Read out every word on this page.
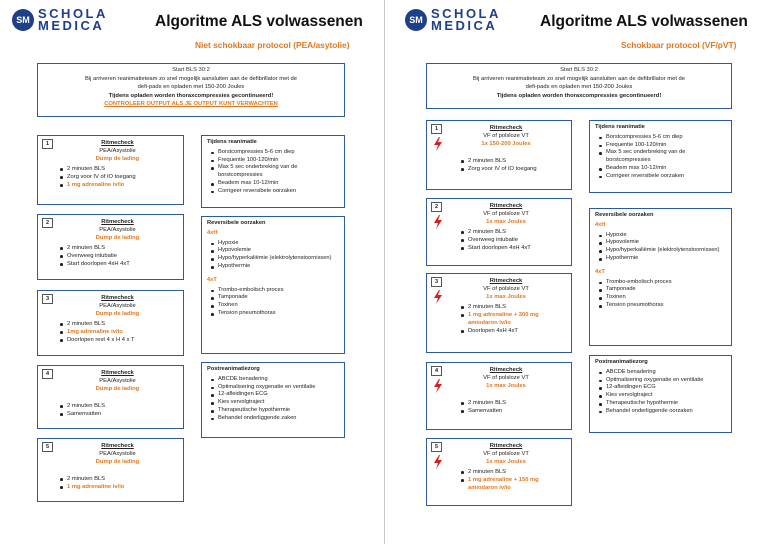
SM SCHOLA
MEDICA	Algoritme ALS volwassenen
Niet schokbaar protocol (PEA/asytolie)
Start BLS 30:2
Bij arriveren reanimatieteam zo snel mogelijk aansluiten aan de defibrillator met de
defi-pads en opladen met 150-200 Joules
Tijdens opladen worden thoraxcompressies gecontinueerd!
CONTROLEER OUTPUT ALS JE OUTPUT KUNT VERWACHTEN
1	Ritmecheck
PEA/Asystolie
Dump de lading
2 minuten BLS
Zorg voor IV of IO toegang
1 mg adrenaline iv/io
2	Ritmecheck
PEA/Asystolie
Dump de lading
2 minuten BLS
Overweeg intubatie
Start doorlopen 4xH 4xT
3	Ritmecheck
PEA/Asystolie
Dump de lading
2 minuten BLS
1mg adrenaline iv/io
Doorlopen rest 4 x H 4 x T
4	Ritmecheck
PEA/Asystolie
Dump de lading
2 minuten BLS
Samenvatten
5	Ritmecheck
PEA/Asystolie
Dump de lading
2 minuten BLS
1 mg adrenaline iv/io
Tijdens reanimatie
Borstcompressies 5-6 cm diep
Frequentie 100-120/min
Max 5 sec onderbreking van de borstcompressies
Beadem max 10-12/min
Corrigeer reversibele oorzaken
Reversibele oorzaken
4xH
Hypoxie
Hypovolemie
Hypo/hyperkaliëmie (elektrolytenstoornissen)
Hypothermie
4xT
Trombo-embolisch proces
Tamponade
Toxinen
Tension pneumothorax
Postreanimatiezorg
ABCDE benadering
Optimalisering oxygenatie en ventilatie
12-afleidingen ECG
Kies vervolgtraject
Therapeutische hypothermie
Behandel onderliggende zaken
SM SCHOLA
MEDICA	Algoritme ALS volwassenen
Schokbaar protocol (VF/pVT)
Start BLS 30:2
Bij arriveren reanimatieteam zo snel mogelijk aansluiten aan de defibrillator met de
defi-pads en opladen met 150-200 Joules
Tijdens opladen worden thoraxcompressies gecontinueerd!
1	Ritmecheck
VF of polsloze VT
1x 150-200 Joules
2 minuten BLS
Zorg voor IV of IO toegang
2	Ritmecheck
VF of polsloze VT
1x max Joules
2 minuten BLS
Overweeg intubatie
Start doorlopen 4xH 4xT
3	Ritmecheck
VF of polsloze VT
1x max Joules
2 minuten BLS
1 mg adrenaline + 300 mg amiodaron iv/io
Doorlopen 4xH 4xT
4	Ritmecheck
VF of polsloze VT
1x max Joules
2 minuten BLS
Samenvatten
5	Ritmecheck
VF of polsloze VT
1x max Joules
2 minuten BLS
1 mg adrenaline + 150 mg amiodaron iv/io
Tijdens reanimatie
Borstcompressies 5-6 cm diep
Frequentie 100-120/min
Max 5 sec onderbreking van de borstcompressies
Beadem max 10-12/min
Corrigeer reversibele oorzaken
Reversibele oorzaken
4xH
Hypoxie
Hypovolemie
Hypo/hyperkaliëmie (elektrolytenstoornissen)
Hypothermie
4xT
Trombo-embolisch proces
Tamponade
Toxinen
Tension pneumothorax
Postreanimatiezorg
ABCDE benadering
Optimalisering oxygenatie en ventilatie
12-afleidingen ECG
Kies vervolgtraject
Therapeutische hypothermie
Behandel onderliggende oorzaken
